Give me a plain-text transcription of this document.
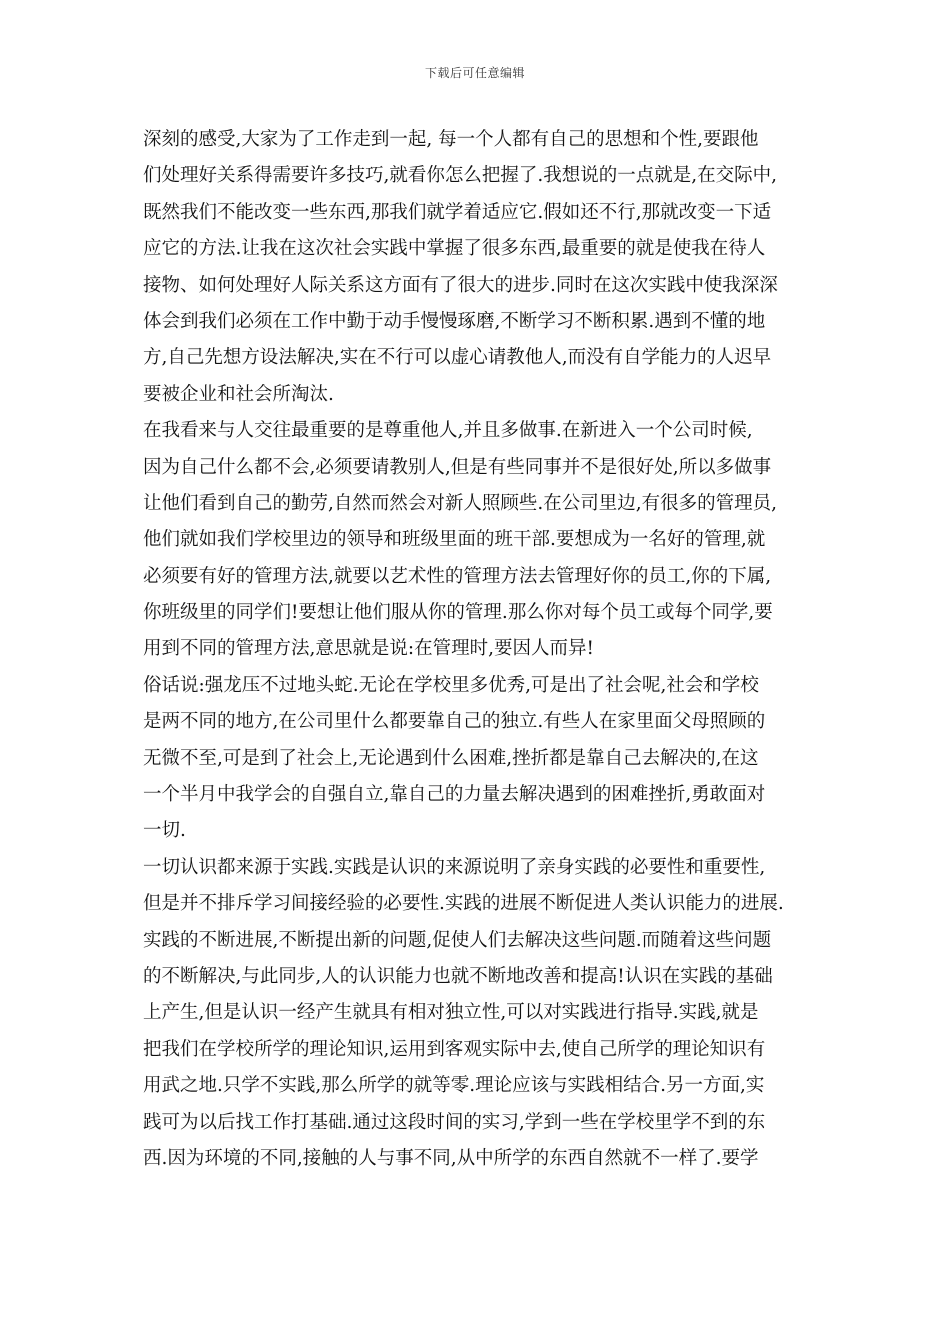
下载后可任意编辑
深刻的感受,大家为了工作走到一起, 每一个人都有自己的思想和个性,要跟他
们处理好关系得需要许多技巧,就看你怎么把握了.我想说的一点就是,在交际中,
既然我们不能改变一些东西,那我们就学着适应它.假如还不行,那就改变一下适
应它的方法.让我在这次社会实践中掌握了很多东西,最重要的就是使我在待人
接物、如何处理好人际关系这方面有了很大的进步.同时在这次实践中使我深深
体会到我们必须在工作中勤于动手慢慢琢磨,不断学习不断积累.遇到不懂的地
方,自己先想方设法解决,实在不行可以虚心请教他人,而没有自学能力的人迟早
要被企业和社会所淘汰.
在我看来与人交往最重要的是尊重他人,并且多做事.在新进入一个公司时候,
因为自己什么都不会,必须要请教别人,但是有些同事并不是很好处,所以多做事
让他们看到自己的勤劳,自然而然会对新人照顾些.在公司里边,有很多的管理员,
他们就如我们学校里边的领导和班级里面的班干部.要想成为一名好的管理,就
必须要有好的管理方法,就要以艺术性的管理方法去管理好你的员工,你的下属,
你班级里的同学们!要想让他们服从你的管理.那么你对每个员工或每个同学,要
用到不同的管理方法,意思就是说:在管理时,要因人而异!
俗话说:强龙压不过地头蛇.无论在学校里多优秀,可是出了社会呢,社会和学校
是两不同的地方,在公司里什么都要靠自己的独立.有些人在家里面父母照顾的
无微不至,可是到了社会上,无论遇到什么困难,挫折都是靠自己去解决的,在这
一个半月中我学会的自强自立,靠自己的力量去解决遇到的困难挫折,勇敢面对
一切.
一切认识都来源于实践.实践是认识的来源说明了亲身实践的必要性和重要性,
但是并不排斥学习间接经验的必要性.实践的进展不断促进人类认识能力的进展.
实践的不断进展,不断提出新的问题,促使人们去解决这些问题.而随着这些问题
的不断解决,与此同步,人的认识能力也就不断地改善和提高!认识在实践的基础
上产生,但是认识一经产生就具有相对独立性,可以对实践进行指导.实践,就是
把我们在学校所学的理论知识,运用到客观实际中去,使自己所学的理论知识有
用武之地.只学不实践,那么所学的就等零.理论应该与实践相结合.另一方面,实
践可为以后找工作打基础.通过这段时间的实习,学到一些在学校里学不到的东
西.因为环境的不同,接触的人与事不同,从中所学的东西自然就不一样了.要学
